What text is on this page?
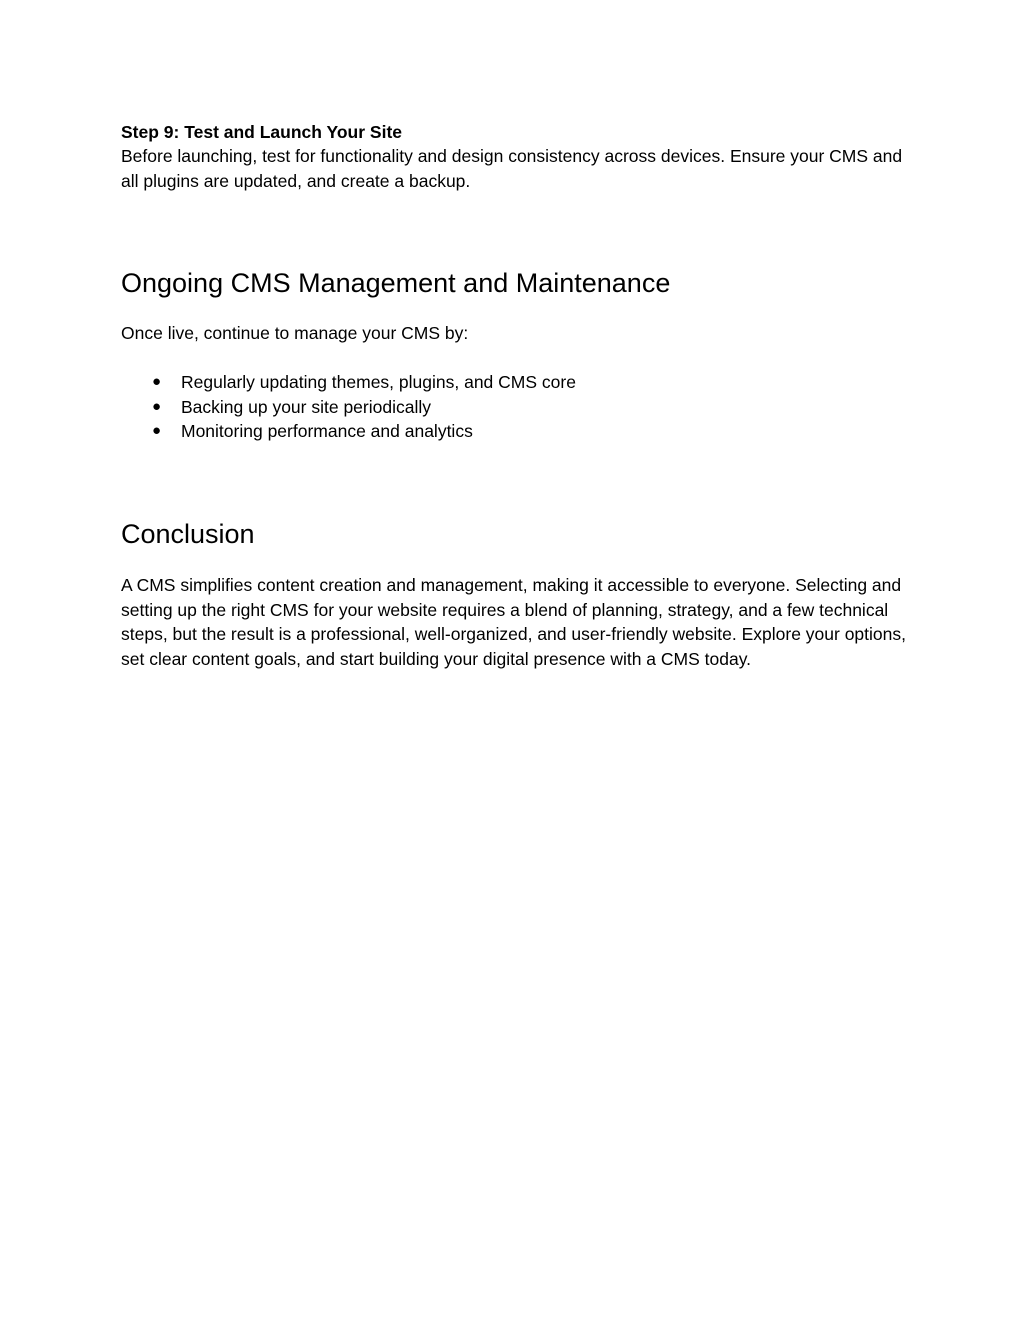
Step 9: Test and Launch Your Site

Before launching, test for functionality and design consistency across devices. Ensure your CMS and all plugins are updated, and create a backup.

Ongoing CMS Management and Maintenance

Once live, continue to manage your CMS by:

● Regularly updating themes, plugins, and CMS core
● Backing up your site periodically
● Monitoring performance and analytics
Conclusion

A CMS simplifies content creation and management, making it accessible to everyone. Selecting and setting up the right CMS for your website requires a blend of planning, strategy, and a few technical steps, but the result is a professional, well-organized, and user-friendly website. Explore your options, set clear content goals, and start building your digital presence with a CMS today.
